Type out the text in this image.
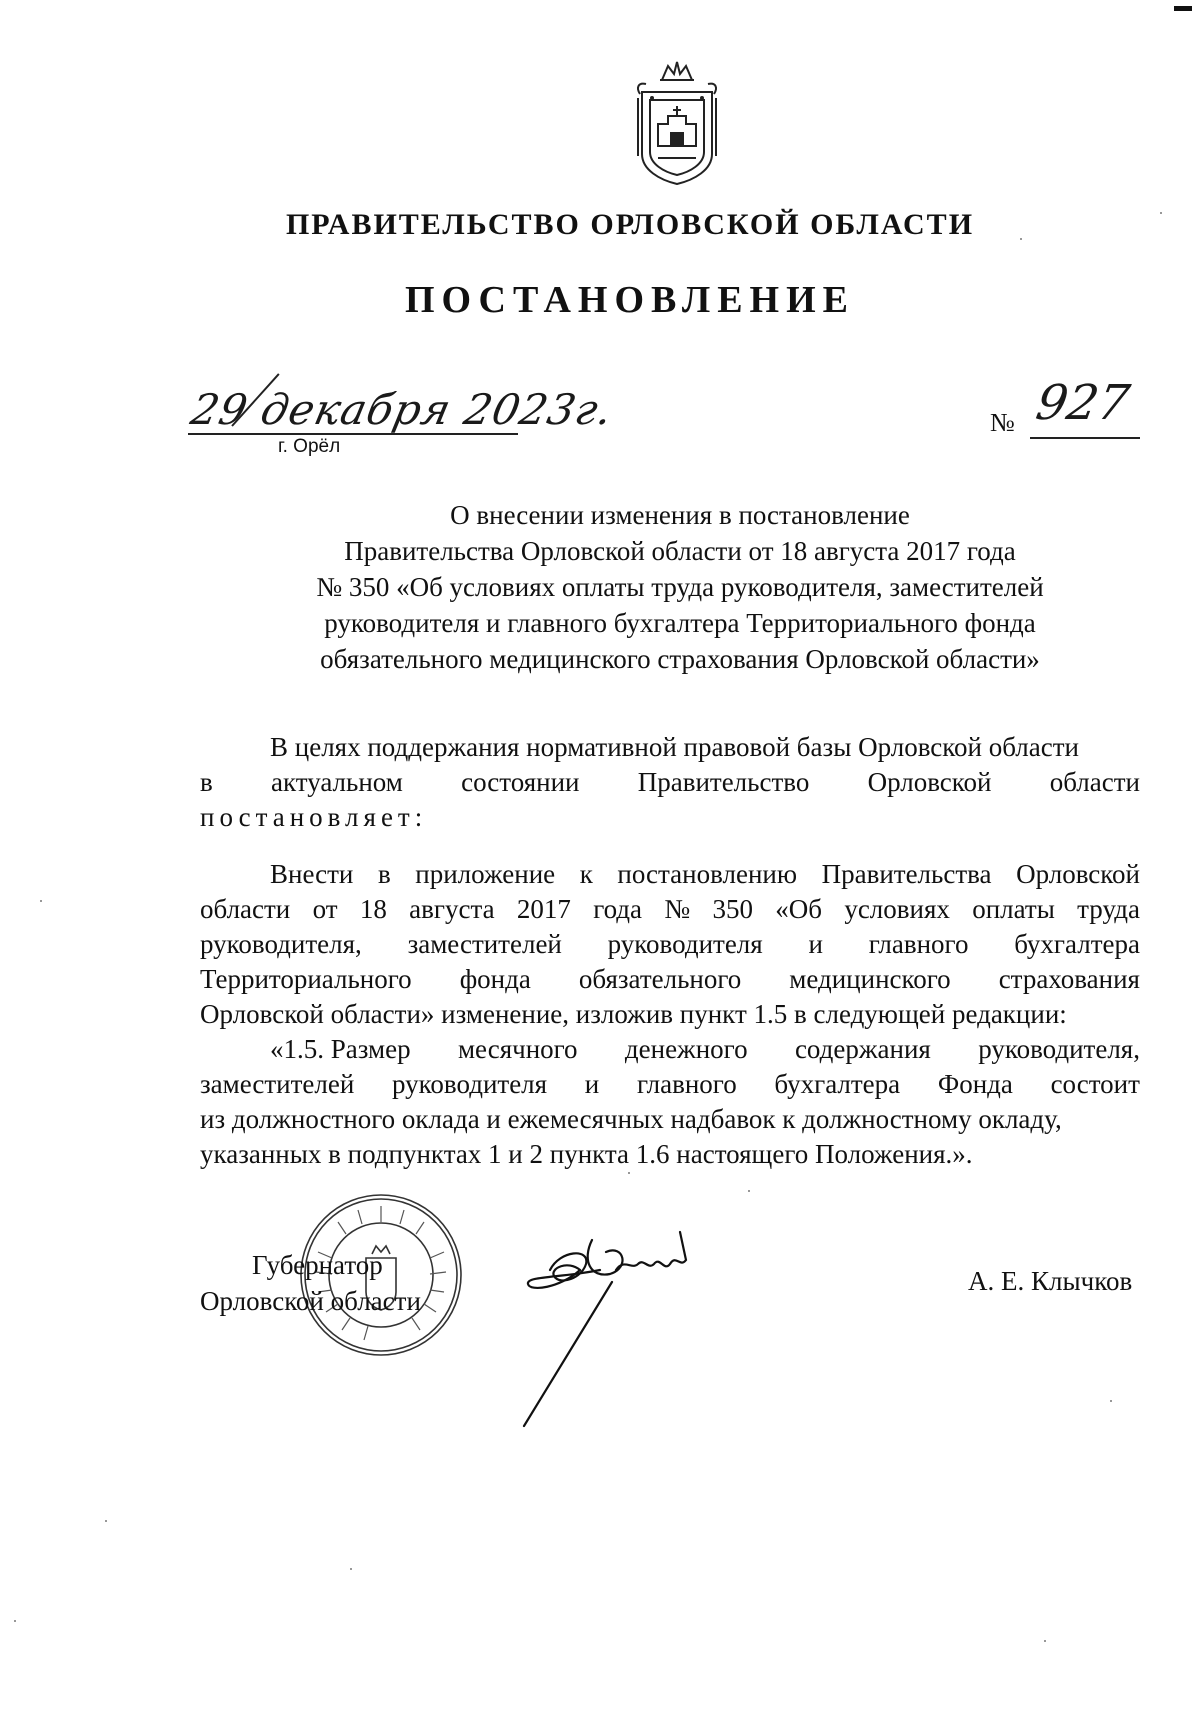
ПРАВИТЕЛЬСТВО ОРЛОВСКОЙ ОБЛАСТИ
ПОСТАНОВЛЕНИЕ
29 декабря 2023г.
г. Орёл
№ 927
О внесении изменения в постановление
Правительства Орловской области от 18 августа 2017 года
№ 350 «Об условиях оплаты труда руководителя, заместителей
руководителя и главного бухгалтера Территориального фонда
обязательного медицинского страхования Орловской области»
В целях поддержания нормативной правовой базы Орловской области
в актуальном состоянии Правительство Орловской области
постановляет:
Внести в приложение к постановлению Правительства Орловской
области от 18 августа 2017 года № 350 «Об условиях оплаты труда
руководителя, заместителей руководителя и главного бухгалтера
Территориального фонда обязательного медицинского страхования
Орловской области» изменение, изложив пункт 1.5 в следующей редакции:
«1.5. Размер месячного денежного содержания руководителя,
заместителей руководителя и главного бухгалтера Фонда состоит
из должностного оклада и ежемесячных надбавок к должностному окладу,
указанных в подпунктах 1 и 2 пункта 1.6 настоящего Положения.».
Губернатор
Орловской области
А. Е. Клычков
